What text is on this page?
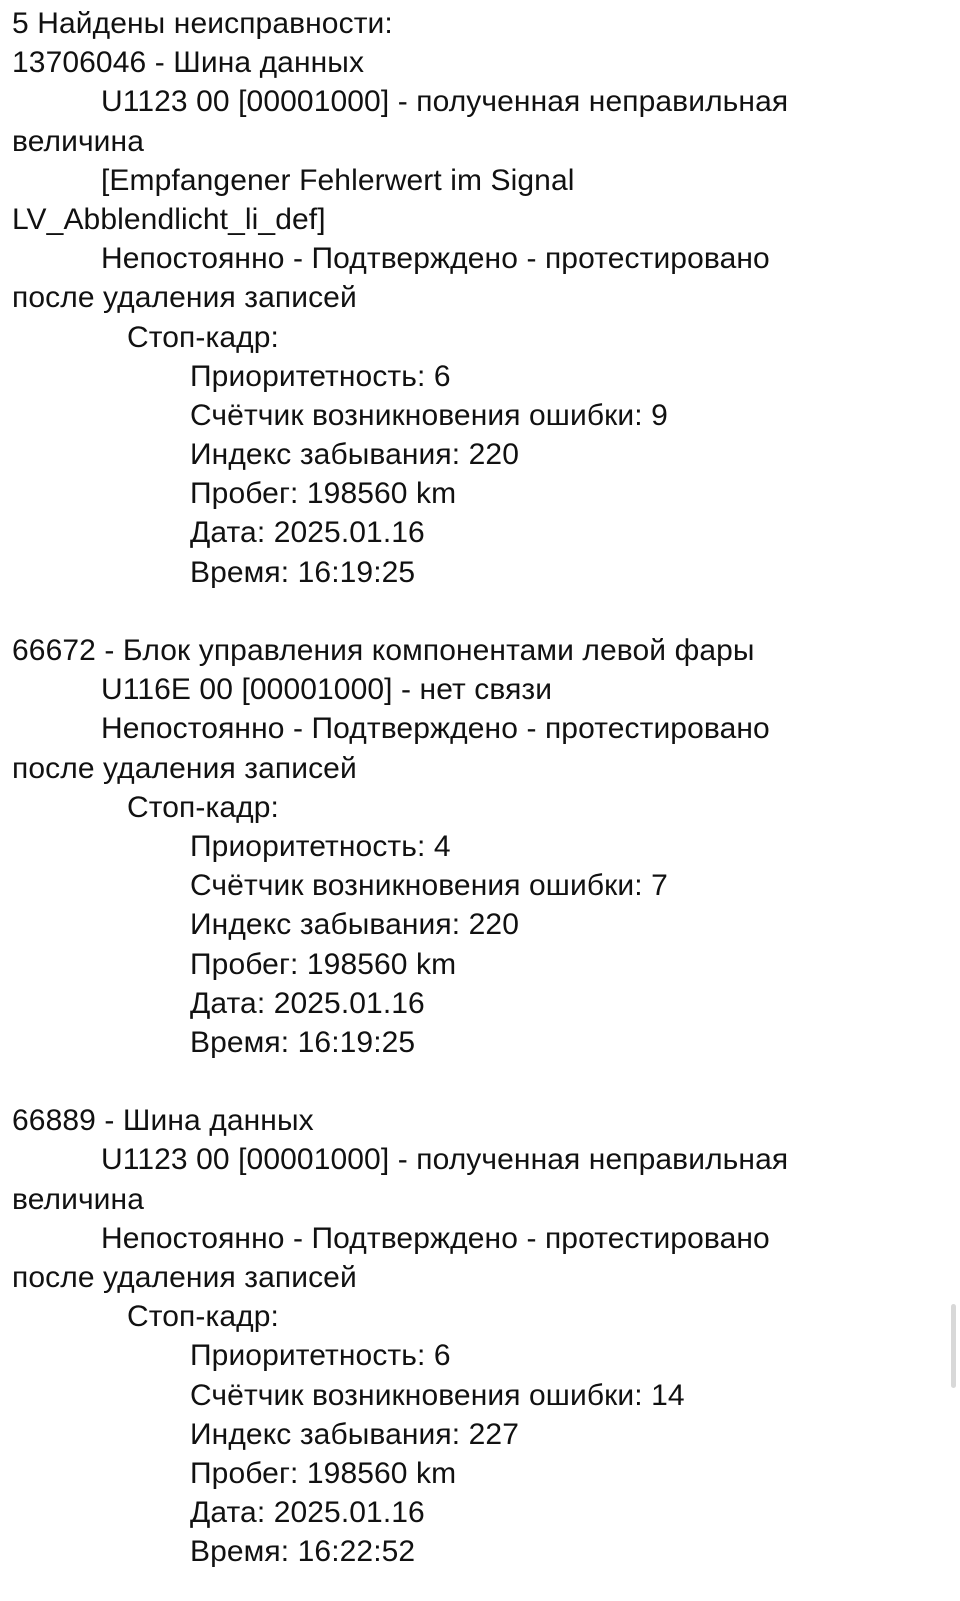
5 Найдены неисправности:
13706046 - Шина данных
U1123 00 [00001000] - полученная неправильная
величина
[Empfangener Fehlerwert im Signal
LV_Abblendlicht_li_def]
Непостоянно - Подтверждено - протестировано
после удаления записей
Стоп-кадр:
Приоритетность: 6
Счётчик возникновения ошибки: 9
Индекс забывания: 220
Пробег: 198560 km
Дата: 2025.01.16
Время: 16:19:25
66672 - Блок управления компонентами левой фары
U116E 00 [00001000] - нет связи
Непостоянно - Подтверждено - протестировано
после удаления записей
Стоп-кадр:
Приоритетность: 4
Счётчик возникновения ошибки: 7
Индекс забывания: 220
Пробег: 198560 km
Дата: 2025.01.16
Время: 16:19:25
66889 - Шина данных
U1123 00 [00001000] - полученная неправильная
величина
Непостоянно - Подтверждено - протестировано
после удаления записей
Стоп-кадр:
Приоритетность: 6
Счётчик возникновения ошибки: 14
Индекс забывания: 227
Пробег: 198560 km
Дата: 2025.01.16
Время: 16:22:52
